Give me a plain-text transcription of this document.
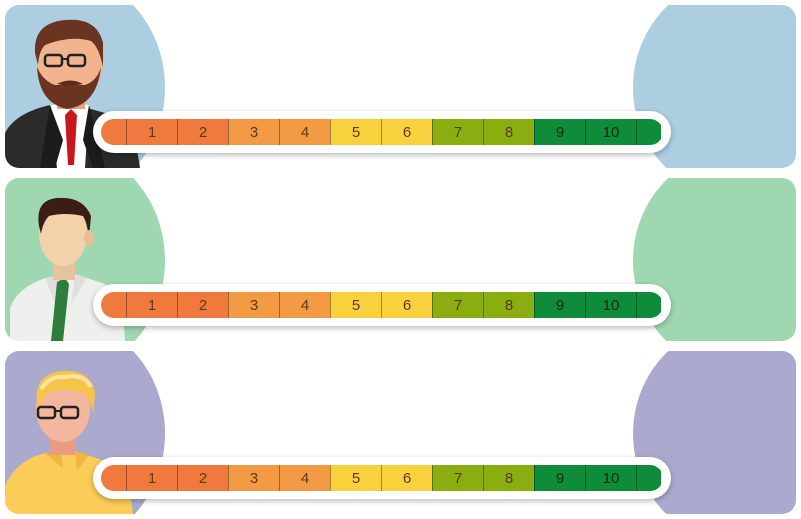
1	2	3	4	5	6	7	8	9	10
1	2	3	4	5	6	7	8	9	10
1	2	3	4	5	6	7	8	9	10
